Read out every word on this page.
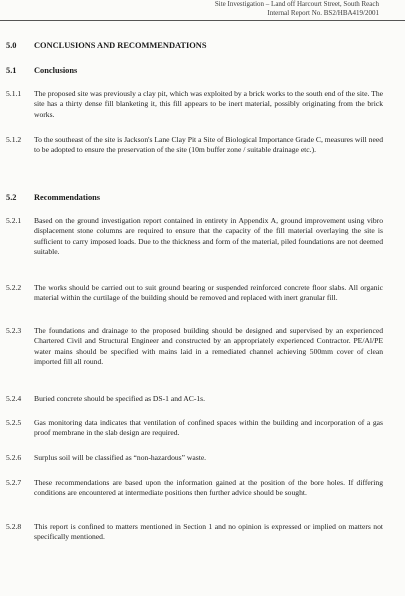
Site Investigation – Land off Harcourt Street, South Reach
Internal Report No. BS2/HBA419/2001
5.0 CONCLUSIONS AND RECOMMENDATIONS
5.1 Conclusions
5.1.1 The proposed site was previously a clay pit, which was exploited by a brick works to the south end of the site. The site has a thirty dense fill blanketing it, this fill appears to be inert material, possibly originating from the brick works.
5.1.2 To the southeast of the site is Jackson's Lane Clay Pit a Site of Biological Importance Grade C, measures will need to be adopted to ensure the preservation of the site (10m buffer zone / suitable drainage etc.).
5.2 Recommendations
5.2.1 Based on the ground investigation report contained in entirety in Appendix A, ground improvement using vibro displacement stone columns are required to ensure that the capacity of the fill material overlaying the site is sufficient to carry imposed loads. Due to the thickness and form of the material, piled foundations are not deemed suitable.
5.2.2 The works should be carried out to suit ground bearing or suspended reinforced concrete floor slabs. All organic material within the curtilage of the building should be removed and replaced with inert granular fill.
5.2.3 The foundations and drainage to the proposed building should be designed and supervised by an experienced Chartered Civil and Structural Engineer and constructed by an appropriately experienced Contractor. PE/Al/PE water mains should be specified with mains laid in a remediated channel achieving 500mm cover of clean imported fill all round.
5.2.4 Buried concrete should be specified as DS-1 and AC-1s.
5.2.5 Gas monitoring data indicates that ventilation of confined spaces within the building and incorporation of a gas proof membrane in the slab design are required.
5.2.6 Surplus soil will be classified as “non-hazardous” waste.
5.2.7 These recommendations are based upon the information gained at the position of the bore holes. If differing conditions are encountered at intermediate positions then further advice should be sought.
5.2.8 This report is confined to matters mentioned in Section 1 and no opinion is expressed or implied on matters not specifically mentioned.
